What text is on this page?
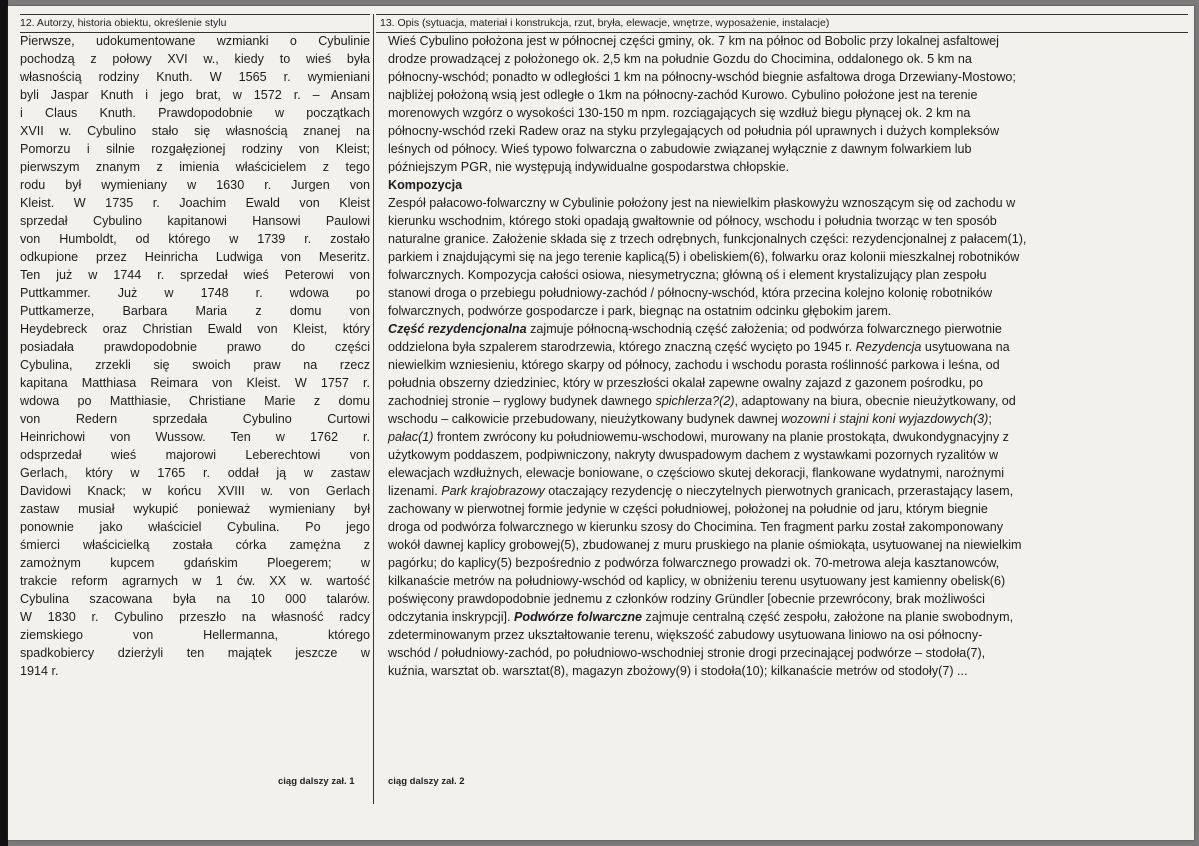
12. Autorzy, historia obiektu, określenie stylu	13. Opis (sytuacja, materiał i konstrukcja, rzut, bryła, elewacje, wnętrze, wyposażenie, instalacje)
Pierwsze, udokumentowane wzmianki o Cybulinie
pochodzą z połowy XVI w., kiedy to wieś była
własnością rodziny Knuth. W 1565 r. wymieniani
byli Jaspar Knuth i jego brat, w 1572 r. – Ansam
i Claus Knuth. Prawdopodobnie w początkach
XVII w. Cybulino stało się własnością znanej na
Pomorzu i silnie rozgałęzionej rodziny von Kleist;
pierwszym znanym z imienia właścicielem z tego
rodu był wymieniany w 1630 r. Jurgen von
Kleist. W 1735 r. Joachim Ewald von Kleist
sprzedał Cybulino kapitanowi Hansowi Paulowi
von Humboldt, od którego w 1739 r. zostało
odkupione przez Heinricha Ludwiga von Meseritz.
Ten już w 1744 r. sprzedał wieś Peterowi von
Puttkammer. Już w 1748 r. wdowa po
Puttkamerze, Barbara Maria z domu von
Heydebreck oraz Christian Ewald von Kleist, który
posiadała prawdopodobnie prawo do części
Cybulina, zrzekli się swoich praw na rzecz
kapitana Matthiasa Reimara von Kleist. W 1757 r.
wdowa po Matthiasie, Christiane Marie z domu
von Redern sprzedała Cybulino Curtowi
Heinrichowi von Wussow. Ten w 1762 r.
odsprzedał wieś majorowi Leberechtowi von
Gerlach, który w 1765 r. oddał ją w zastaw
Davidowi Knack; w końcu XVIII w. von Gerlach
zastaw musiał wykupić ponieważ wymieniany był
ponownie jako właściciel Cybulina. Po jego
śmierci właścicielką została córka zamężna z
zamożnym kupcem gdańskim Ploegerem; w
trakcie reform agrarnych w 1 ćw. XX w. wartość
Cybulina szacowana była na 10 000 talarów.
W 1830 r. Cybulino przeszło na własność radcy
ziemskiego von Hellermanna, którego
spadkobiercy dzierżyli ten majątek jeszcze w
1914 r.
ciąg dalszy zał. 1
Wieś Cybulino położona jest w północnej części gminy, ok. 7 km na północ od Bobolic przy lokalnej asfaltowej
drodze prowadzącej z położonego ok. 2,5 km na południe Gozdu do Chocimina, oddalonego ok. 5 km na
północny-wschód; ponadto w odległości 1 km na północny-wschód biegnie asfaltowa droga Drzewiany-Mostowo;
najbliżej położoną wsią jest odległe o 1km na północny-zachód Kurowo. Cybulino położone jest na terenie
morenowych wzgórz o wysokości 130-150 m npm. rozciągających się wzdłuż biegu płynącej ok. 2 km na
północny-wschód rzeki Radew oraz na styku przylegających od południa pól uprawnych i dużych kompleksów
leśnych od północy. Wieś typowo folwarczna o zabudowie związanej wyłącznie z dawnym folwarkiem lub
późniejszym PGR, nie występują indywidualne gospodarstwa chłopskie.
Kompozycja
Zespół pałacowo-folwarczny w Cybulinie położony jest na niewielkim płaskowyżu wznoszącym się od zachodu w
kierunku wschodnim, którego stoki opadają gwałtownie od północy, wschodu i południa tworząc w ten sposób
naturalne granice. Założenie składa się z trzech odrębnych, funkcjonalnych części: rezydencjonalnej z pałacem(1),
parkiem i znajdującymi się na jego terenie kaplicą(5) i obeliskiem(6), folwarku oraz kolonii mieszkalnej robotników
folwarcznych. Kompozycja całości osiowa, niesymetryczna; główną oś i element krystalizujący plan zespołu
stanowi droga o przebiegu południowy-zachód / północny-wschód, która przecina kolejno kolonię robotników
folwarcznych, podwórze gospodarcze i park, biegnąc na ostatnim odcinku głębokim jarem.
Część rezydencjonalna zajmuje północną-wschodnią część założenia; od podwórza folwarcznego pierwotnie
oddzielona była szpalerem starodrzewia, którego znaczną część wycięto po 1945 r. Rezydencja usytuowana na
niewielkim wzniesieniu, którego skarpy od północy, zachodu i wschodu porasta roślinność parkowa i leśna, od
południa obszerny dziedziniec, który w przeszłości okalał zapewne owalny zajazd z gazonem pośrodku, po
zachodniej stronie – ryglowy budynek dawnego spichlerza?(2), adaptowany na biura, obecnie nieużytkowany, od
wschodu – całkowicie przebudowany, nieużytkowany budynek dawnej wozowni i stajni koni wyjazdowych(3);
pałac(1) frontem zwrócony ku południowemu-wschodowi, murowany na planie prostokąta, dwukondygnacyjny z
użytkowym poddaszem, podpiwniczony, nakryty dwuspadowym dachem z wystawkami pozornych ryzalitów w
elewacjach wzdłużnych, elewacje boniowane, o częściowo skutej dekoracji, flankowane wydatnymi, narożnymi
lizenami. Park krajobrazowy otaczający rezydencję o nieczytelnych pierwotnych granicach, przerastający lasem,
zachowany w pierwotnej formie jedynie w części południowej, położonej na południe od jaru, którym biegnie
droga od podwórza folwarcznego w kierunku szosy do Chocimina. Ten fragment parku został zakomponowany
wokół dawnej kaplicy grobowej(5), zbudowanej z muru pruskiego na planie ośmiokąta, usytuowanej na niewielkim
pagórku; do kaplicy(5) bezpośrednio z podwórza folwarcznego prowadzi ok. 70-metrowa aleja kasztanowców,
kilkanaście metrów na południowy-wschód od kaplicy, w obniżeniu terenu usytuowany jest kamienny obelisk(6)
poświęcony prawdopodobnie jednemu z członków rodziny Gründler [obecnie przewrócony, brak możliwości
odczytania inskrypcji]. Podwórze folwarczne zajmuje centralną część zespołu, założone na planie swobodnym,
zdeterminowanym przez ukształtowanie terenu, większość zabudowy usytuowana liniowo na osi północny-
wschód / południowy-zachód, po południowo-wschodniej stronie drogi przecinającej podwórze – stodoła(7),
kuźnia, warsztat ob. warsztat(8), magazyn zbożowy(9) i stodoła(10); kilkanaście metrów od stodoły(7) ...
ciąg dalszy zał. 2
